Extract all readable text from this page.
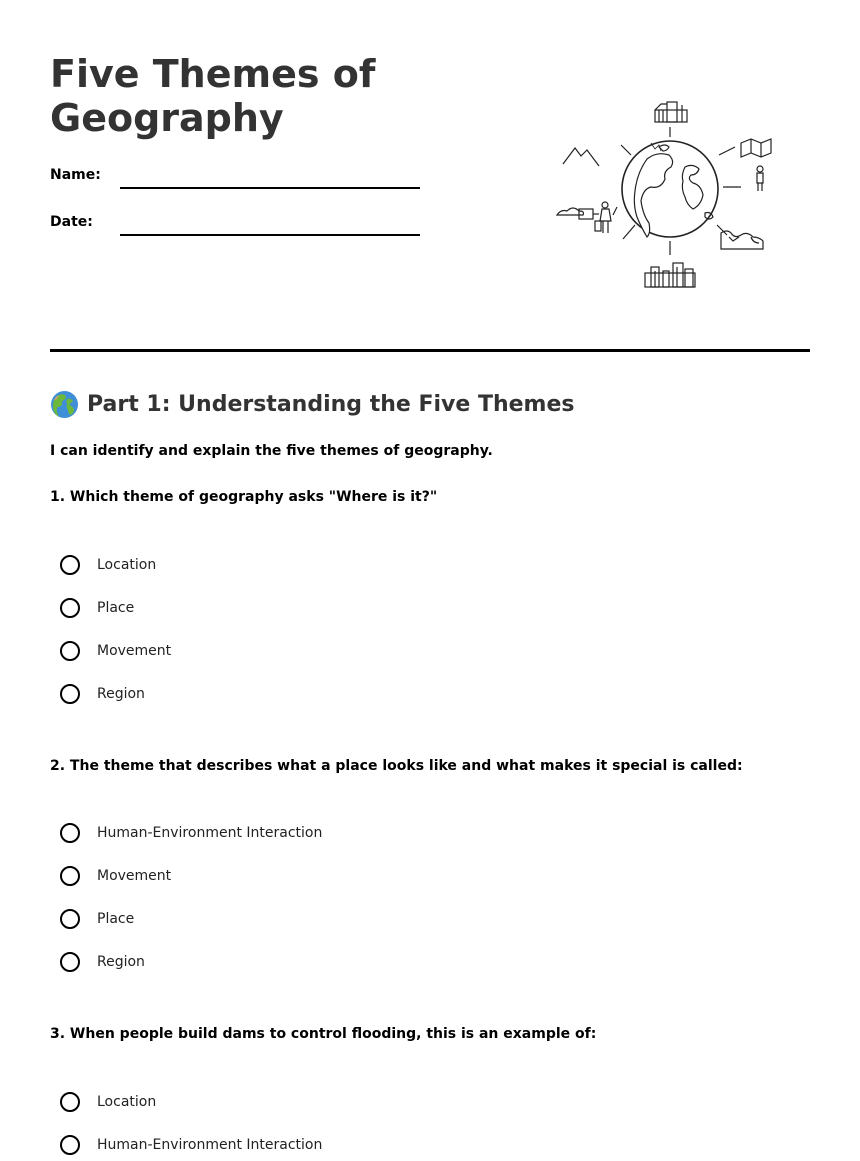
Five Themes of Geography
Name:
Date:
Part 1: Understanding the Five Themes
I can identify and explain the five themes of geography.
1. Which theme of geography asks "Where is it?"
Location
Place
Movement
Region
2. The theme that describes what a place looks like and what makes it special is called:
Human-Environment Interaction
Movement
Place
Region
3. When people build dams to control flooding, this is an example of:
Location
Human-Environment Interaction
